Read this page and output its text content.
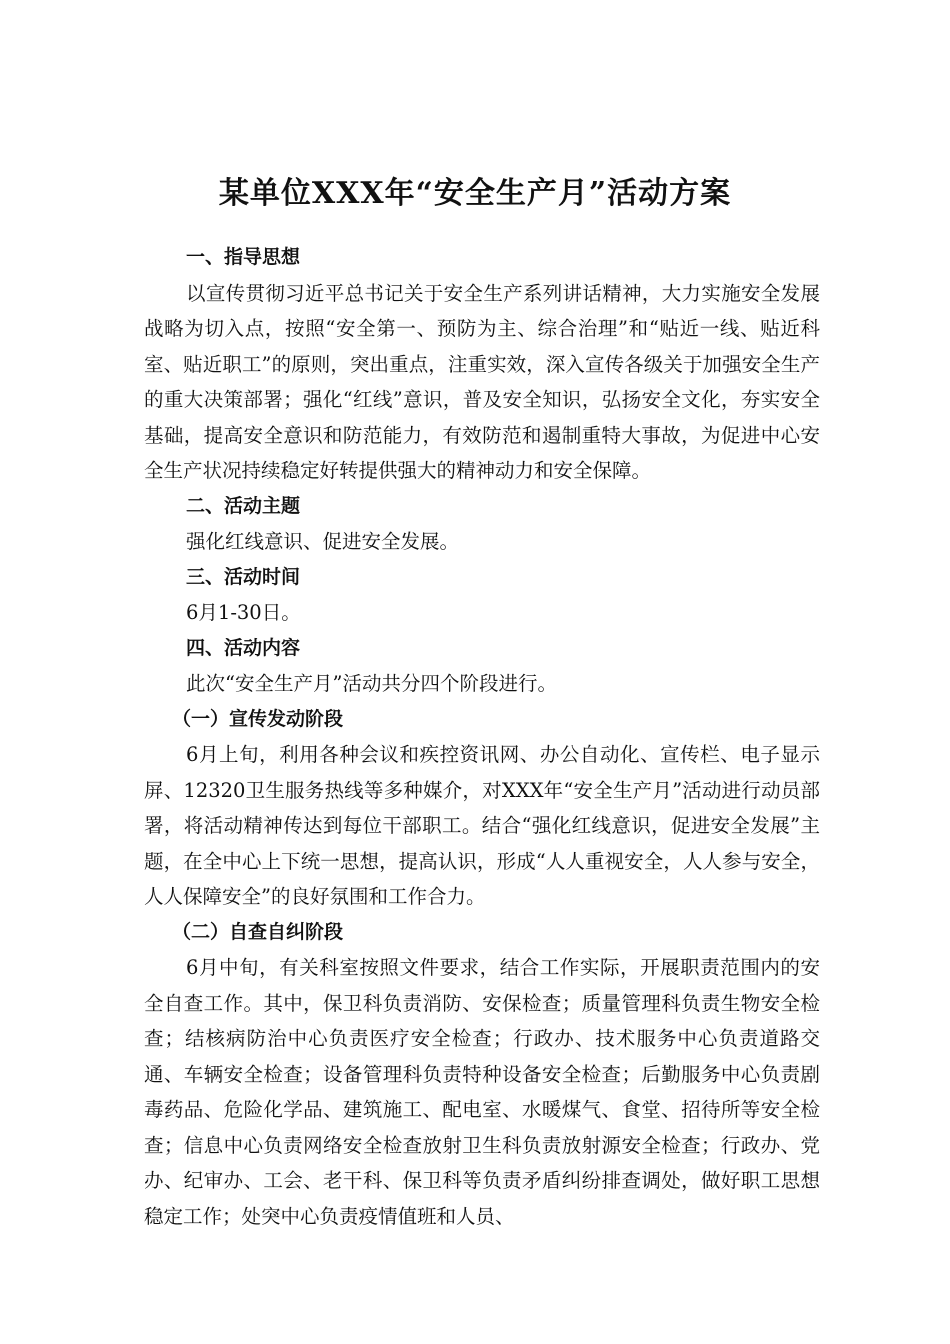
某单位XXX年“安全生产月”活动方案

一、指导思想

以宣传贯彻习近平总书记关于安全生产系列讲话精神，大力实施安全发展战略为切入点，按照“安全第一、预防为主、综合治理”和“贴近一线、贴近科室、贴近职工”的原则，突出重点，注重实效，深入宣传各级关于加强安全生产的重大决策部署；强化“红线”意识，普及安全知识，弘扬安全文化，夯实安全基础，提高安全意识和防范能力，有效防范和遏制重特大事故，为促进中心安全生产状况持续稳定好转提供强大的精神动力和安全保障。

二、活动主题

强化红线意识、促进安全发展。

三、活动时间

6月1-30日。

四、活动内容

此次“安全生产月”活动共分四个阶段进行。

（一）宣传发动阶段

6月上旬，利用各种会议和疾控资讯网、办公自动化、宣传栏、电子显示屏、12320卫生服务热线等多种媒介，对XXX年“安全生产月”活动进行动员部署，将活动精神传达到每位干部职工。结合“强化红线意识，促进安全发展”主题，在全中心上下统一思想，提高认识，形成“人人重视安全，人人参与安全，人人保障安全”的良好氛围和工作合力。

（二）自查自纠阶段

6月中旬，有关科室按照文件要求，结合工作实际，开展职责范围内的安全自查工作。其中，保卫科负责消防、安保检查；质量管理科负责生物安全检查；结核病防治中心负责医疗安全检查；行政办、技术服务中心负责道路交通、车辆安全检查；设备管理科负责特种设备安全检查；后勤服务中心负责剧毒药品、危险化学品、建筑施工、配电室、水暖煤气、食堂、招待所等安全检查；信息中心负责网络安全检查放射卫生科负责放射源安全检查；行政办、党办、纪审办、工会、老干科、保卫科等负责矛盾纠纷排查调处，做好职工思想稳定工作；处突中心负责疫情值班和人员、
